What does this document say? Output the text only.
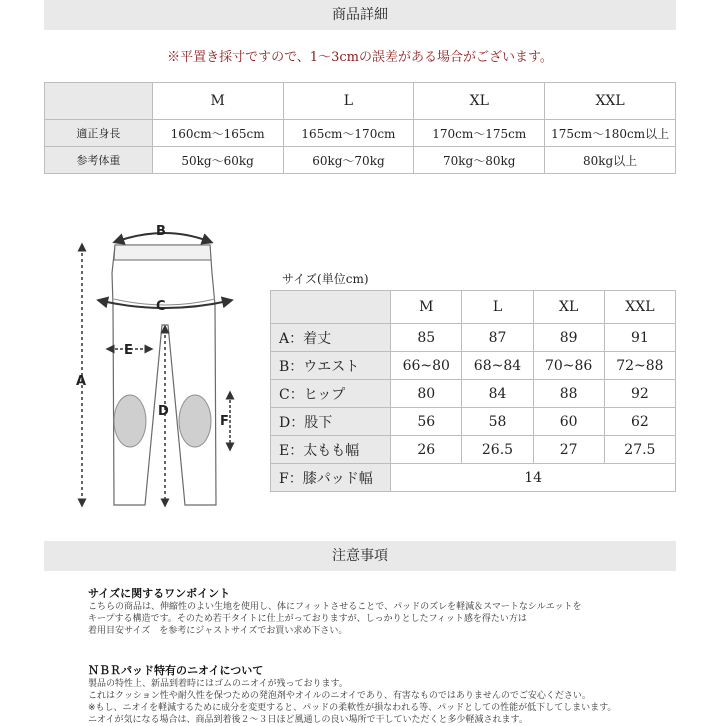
商品詳細
※平置き採寸ですので、1～3cmの誤差がある場合がございます。
	M	L	XL	XXL
適正身長	160cm～165cm	165cm～170cm	170cm～175cm	175cm～180cm以上
参考体重	50kg～60kg	60kg～70kg	70kg～80kg	80kg以上
B
C
E
A
D
F
サイズ(単位cm)
	M	L	XL	XXL
A：着丈	85	87	89	91
B：ウエスト	66~80	68~84	70~86	72~88
C：ヒップ	80	84	88	92
D：股下	56	58	60	62
E：太もも幅	26	26.5	27	27.5
F：膝パッド幅	14			
注意事項
サイズに関するワンポイント
こちらの商品は、伸縮性のよい生地を使用し、体にフィットさせることで、パッドのズレを軽減＆スマートなシルエットを
キープする構造です。そのため若干タイトに仕上がっておりますが、しっかりとしたフィット感を得たい方は
着用目安サイズ　を参考にジャストサイズでお買い求め下さい。
ＮＢＲパッド特有のニオイについて
製品の特性上、新品到着時にはゴムのニオイが残っております。
これはクッション性や耐久性を保つための発泡剤やオイルのニオイであり、有害なものではありませんのでご安心ください。
※もし、ニオイを軽減するために成分を変更すると、パッドの柔軟性が損なわれる等、パッドとしての性能が低下してしまいます。
ニオイが気になる場合は、商品到着後２～３日ほど風通しの良い場所で干していただくと多少軽減されます。
